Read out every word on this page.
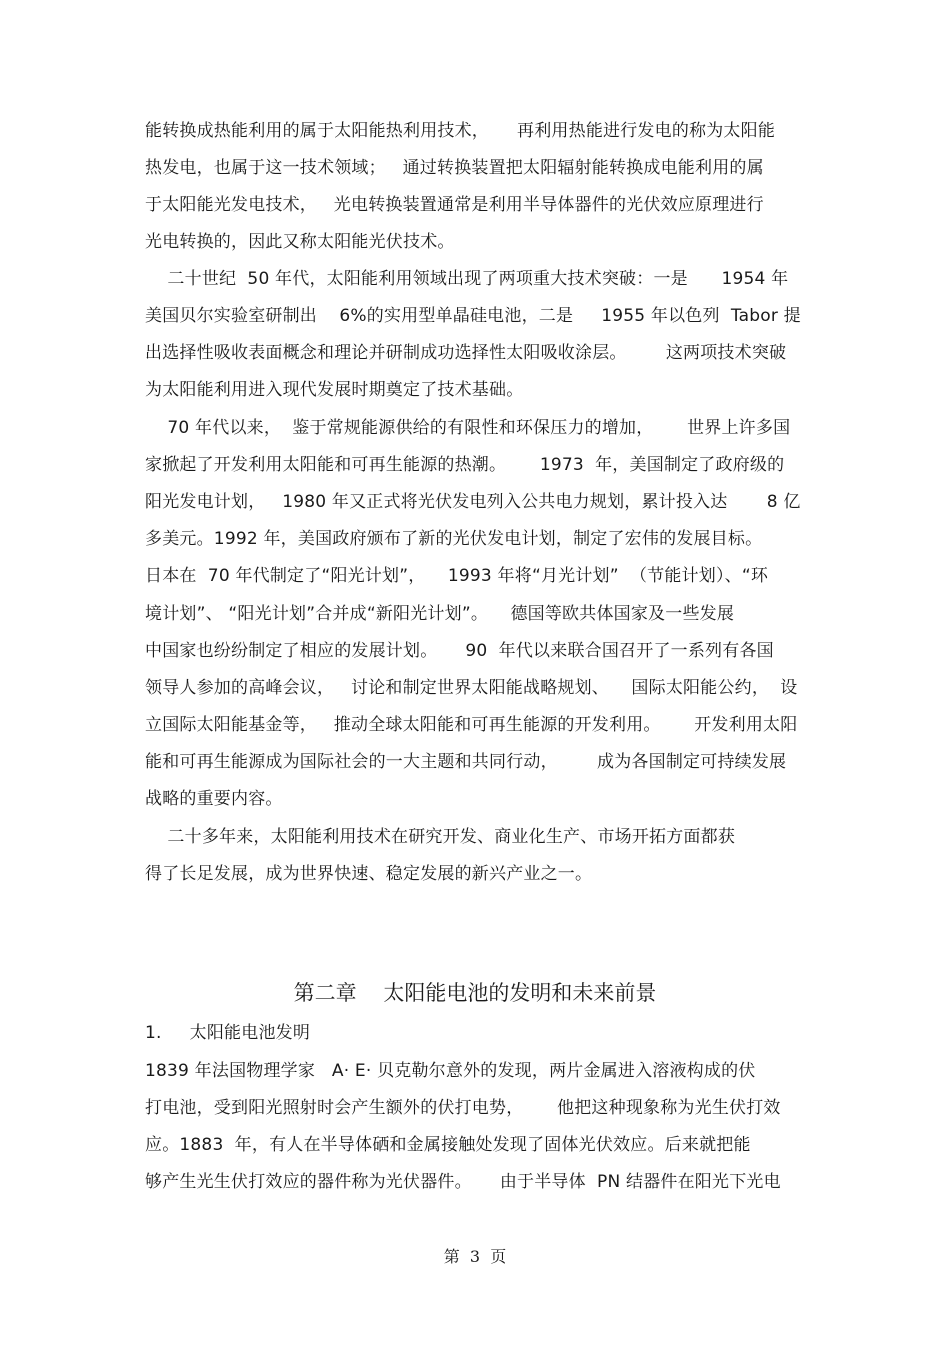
能转换成热能利用的属于太阳能热利用技术，     再利用热能进行发电的称为太阳能
热发电，也属于这一技术领域；   通过转换装置把太阳辐射能转换成电能利用的属
于太阳能光发电技术，   光电转换装置通常是利用半导体器件的光伏效应原理进行
光电转换的，因此又称太阳能光伏技术。
二十世纪  50 年代，太阳能利用领域出现了两项重大技术突破：一是      1954 年
美国贝尔实验室研制出    6%的实用型单晶硅电池，二是     1955 年以色列  Tabor 提
出选择性吸收表面概念和理论并研制成功选择性太阳吸收涂层。       这两项技术突破
为太阳能利用进入现代发展时期奠定了技术基础。
70 年代以来，  鉴于常规能源供给的有限性和环保压力的增加，      世界上许多国
家掀起了开发利用太阳能和可再生能源的热潮。      1973  年，美国制定了政府级的
阳光发电计划，   1980 年又正式将光伏发电列入公共电力规划，累计投入达       8 亿
多美元。1992 年，美国政府颁布了新的光伏发电计划，制定了宏伟的发展目标。
日本在  70 年代制定了“阳光计划”，    1993 年将“月光计划”  （节能计划）、“环
境计划”、 “阳光计划”合并成“新阳光计划”。    德国等欧共体国家及一些发展
中国家也纷纷制定了相应的发展计划。     90  年代以来联合国召开了一系列有各国
领导人参加的高峰会议，   讨论和制定世界太阳能战略规划、    国际太阳能公约，  设
立国际太阳能基金等，   推动全球太阳能和可再生能源的开发利用。      开发利用太阳
能和可再生能源成为国际社会的一大主题和共同行动，       成为各国制定可持续发展
战略的重要内容。
二十多年来，太阳能利用技术在研究开发、商业化生产、市场开拓方面都获
得了长足发展，成为世界快速、稳定发展的新兴产业之一。
第二章    太阳能电池的发明和未来前景
1.     太阳能电池发明
1839 年法国物理学家   A· E· 贝克勒尔意外的发现，两片金属进入溶液构成的伏
打电池，受到阳光照射时会产生额外的伏打电势，      他把这种现象称为光生伏打效
应。1883  年，有人在半导体硒和金属接触处发现了固体光伏效应。后来就把能
够产生光生伏打效应的器件称为光伏器件。     由于半导体  PN 结器件在阳光下光电
第  3  页
